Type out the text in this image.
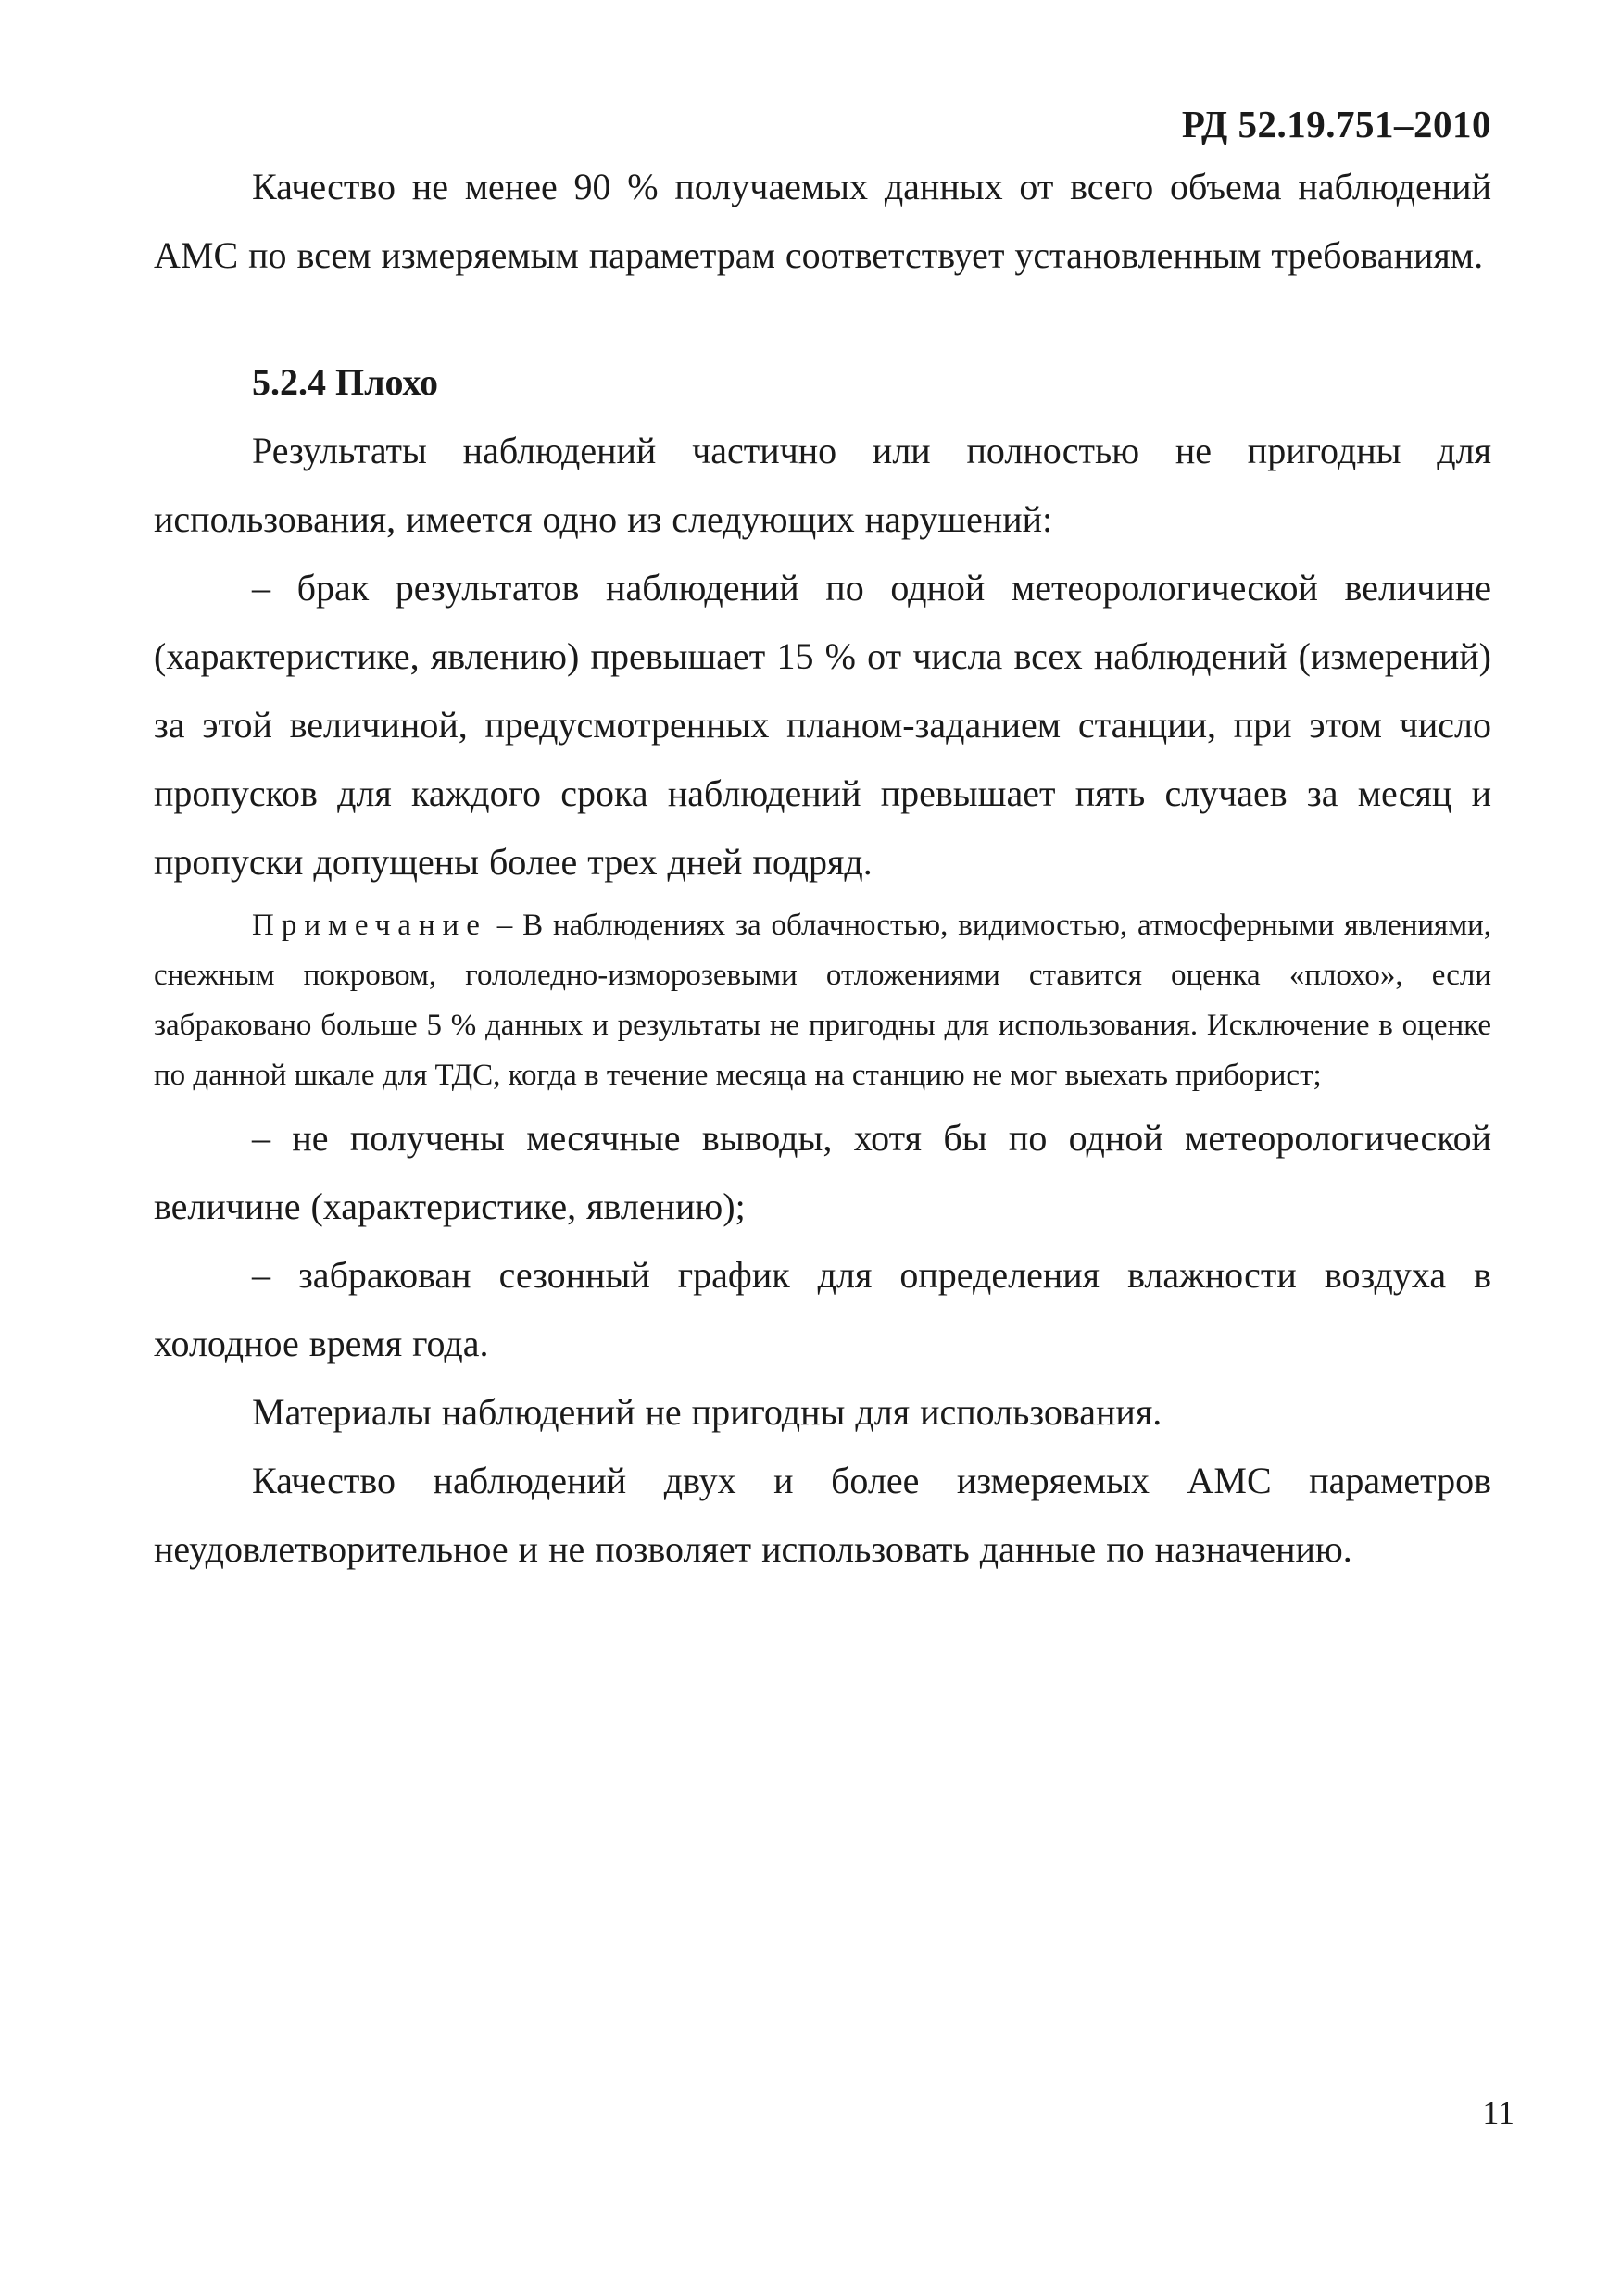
РД 52.19.751–2010

Качество не менее 90 % получаемых данных от всего объема наблюдений АМС по всем измеряемым параметрам соответствует установленным требованиям.

5.2.4 Плохо

Результаты наблюдений частично или полностью не пригодны для использования, имеется одно из следующих нарушений:

– брак результатов наблюдений по одной метеорологической величине (характеристике, явлению) превышает 15 % от числа всех наблюдений (измерений) за этой величиной, предусмотренных планом-заданием станции, при этом число пропусков для каждого срока наблюдений превышает пять случаев за месяц и пропуски допущены более трех дней подряд.

Примечание – В наблюдениях за облачностью, видимостью, атмосферными явлениями, снежным покровом, гололедно-изморозевыми отложениями ставится оценка «плохо», если забраковано больше 5 % данных и результаты не пригодны для использования. Исключение в оценке по данной шкале для ТДС, когда в течение месяца на станцию не мог выехать приборист;

– не получены месячные выводы, хотя бы по одной метеорологической величине (характеристике, явлению);

– забракован сезонный график для определения влажности воздуха в холодное время года.

Материалы наблюдений не пригодны для использования.

Качество наблюдений двух и более измеряемых АМС параметров неудовлетворительное и не позволяет использовать данные по назначению.

11
